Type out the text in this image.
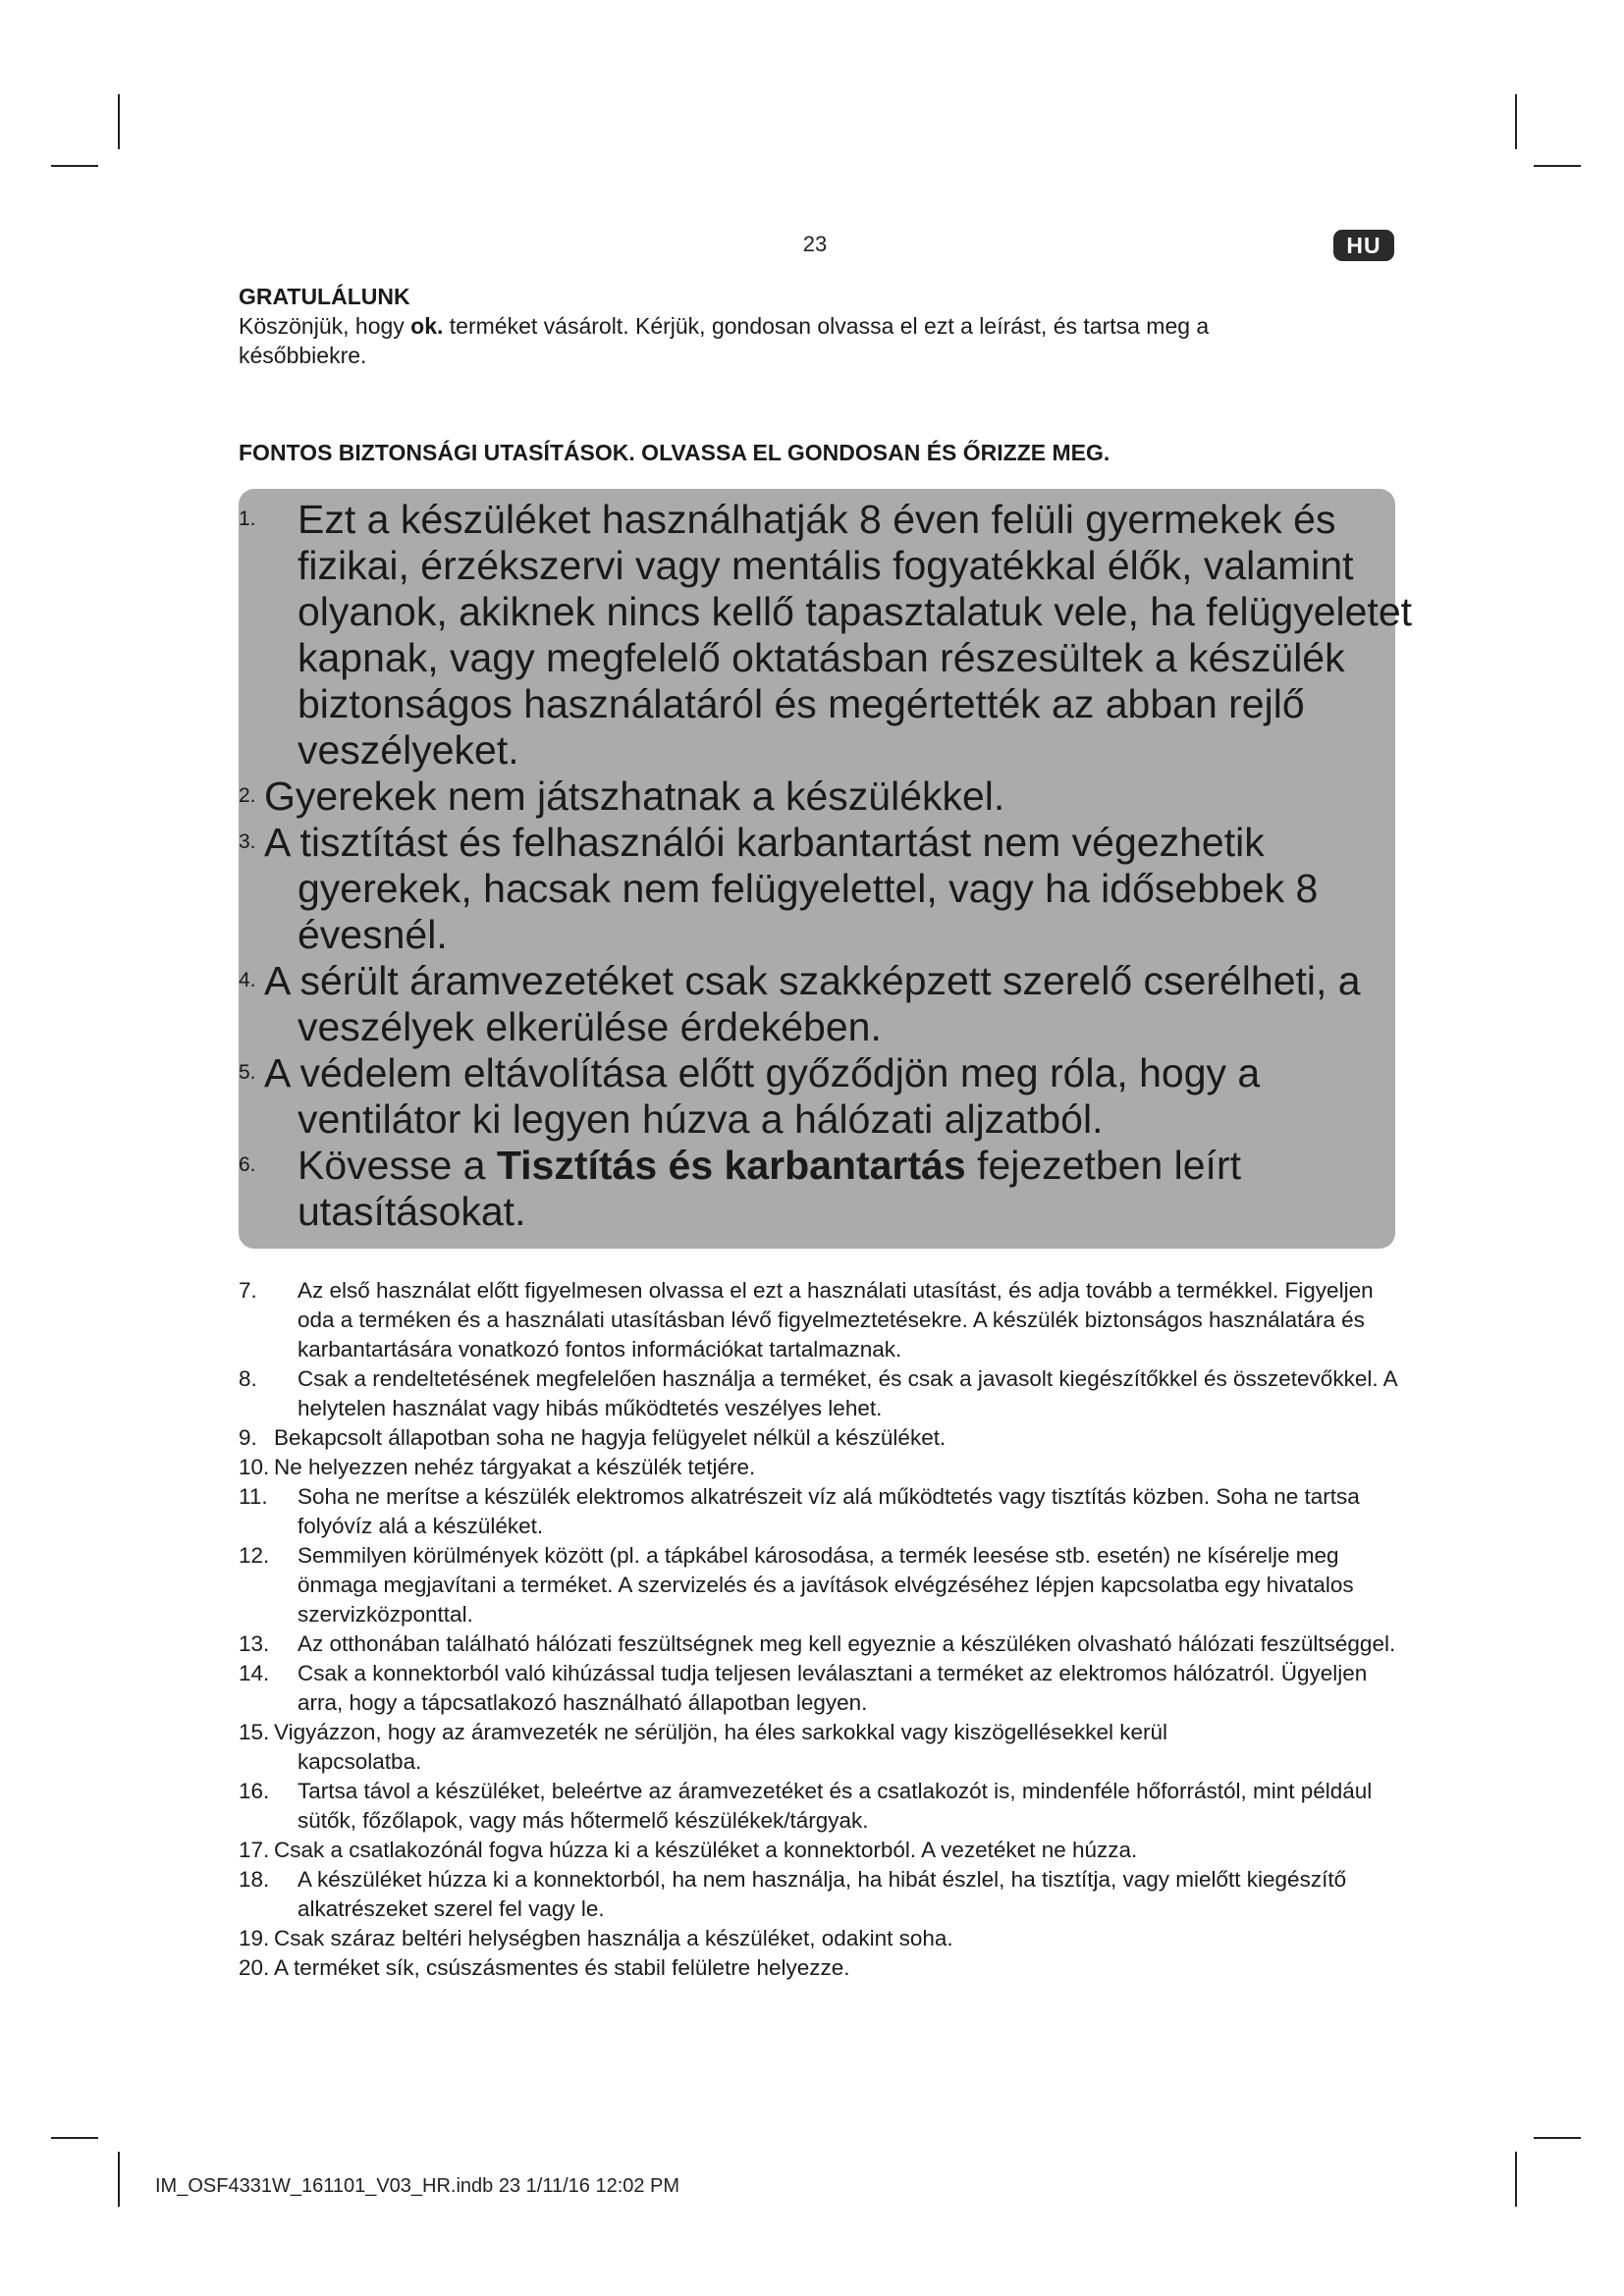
23	HU
GRATULÁLUNK
Köszönjük, hogy ok. terméket vásárolt. Kérjük, gondosan olvassa el ezt a leírást, és tartsa meg a későbbiekre.
FONTOS BIZTONSÁGI UTASÍTÁSOK. OLVASSA EL GONDOSAN ÉS ŐRIZZE MEG.
1. Ezt a készüléket használhatják 8 éven felüli gyermekek és fizikai, érzékszervi vagy mentális fogyatékkal élők, valamint olyanok, akiknek nincs kellő tapasztalatuk vele, ha felügyeletet kapnak, vagy megfelelő oktatásban részesültek a készülék biztonságos használatáról és megértették az abban rejlő veszélyeket.
2. Gyerekek nem játszhatnak a készülékkel.
3. A tisztítást és felhasználói karbantartást nem végezhetik
gyerekek, hacsak nem felügyelettel, vagy ha idősebbek 8 évesnél.
4. A sérült áramvezetéket csak szakképzett szerelő cserélheti, a
veszélyek elkerülése érdekében.
5. A védelem eltávolítása előtt győződjön meg róla, hogy a
ventilátor ki legyen húzva a hálózati aljzatból.
6. Kövesse a Tisztítás és karbantartás fejezetben leírt utasításokat.
7. Az első használat előtt figyelmesen olvassa el ezt a használati utasítást, és adja tovább a termékkel. Figyeljen oda a terméken és a használati utasításban lévő figyelmeztetésekre. A készülék biztonságos használatára és karbantartására vonatkozó fontos információkat tartalmaznak.
8. Csak a rendeltetésének megfelelően használja a terméket, és csak a javasolt kiegészítőkkel és összetevőkkel. A helytelen használat vagy hibás működtetés veszélyes lehet.
9. Bekapcsolt állapotban soha ne hagyja felügyelet nélkül a készüléket.
10. Ne helyezzen nehéz tárgyakat a készülék tetjére.
11. Soha ne merítse a készülék elektromos alkatrészeit víz alá működtetés vagy tisztítás közben. Soha ne tartsa folyóvíz alá a készüléket.
12. Semmilyen körülmények között (pl. a tápkábel károsodása, a termék leesése stb. esetén) ne kísérelje meg önmaga megjavítani a terméket. A szervizelés és a javítások elvégzéséhez lépjen kapcsolatba egy hivatalos szervizközponttal.
13. Az otthonában található hálózati feszültségnek meg kell egyeznie a készüléken olvasható hálózati feszültséggel.
14. Csak a konnektorból való kihúzással tudja teljesen leválasztani a terméket az elektromos hálózatról. Ügyeljen arra, hogy a tápcsatlakozó használható állapotban legyen.
15. Vigyázzon, hogy az áramvezeték ne sérüljön, ha éles sarkokkal vagy kiszögellésekkel kerül
kapcsolatba.
16. Tartsa távol a készüléket, beleértve az áramvezetéket és a csatlakozót is, mindenféle hőforrástól, mint például sütők, főzőlapok, vagy más hőtermelő készülékek/tárgyak.
17. Csak a csatlakozónál fogva húzza ki a készüléket a konnektorból. A vezetéket ne húzza.
18. A készüléket húzza ki a konnektorból, ha nem használja, ha hibát észlel, ha tisztítja, vagy mielőtt kiegészítő alkatrészeket szerel fel vagy le.
19. Csak száraz beltéri helységben használja a készüléket, odakint soha.
20. A terméket sík, csúszásmentes és stabil felületre helyezze.
IM_OSF4331W_161101_V03_HR.indb 23 1/11/16 12:02 PM
